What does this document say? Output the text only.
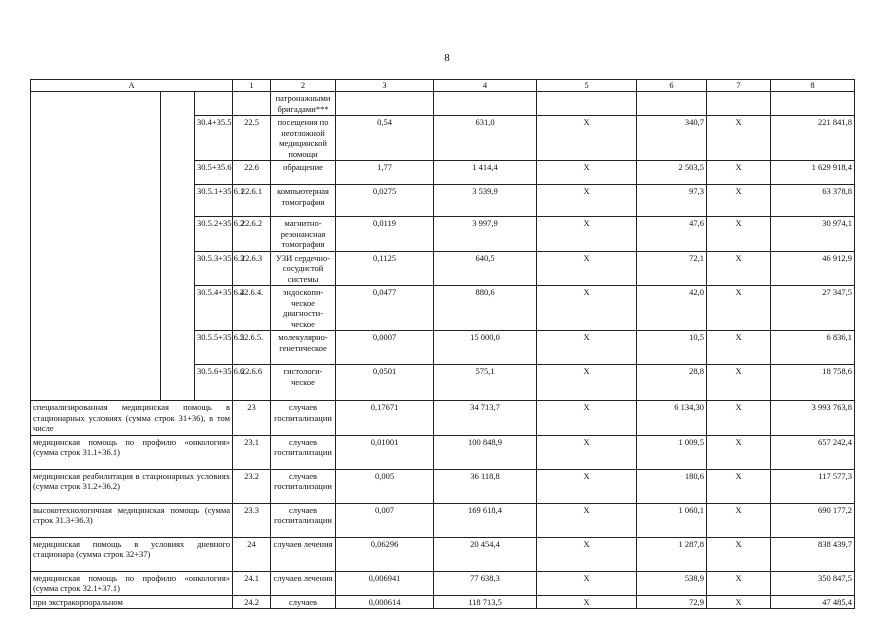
8
А			1	2	3	4	5	6	7	8	
				патронажными бригадами***							
		30.4+35.5	22.5	посещения по неотложной медицинской помощи	0,54	631,0	X	340,7	X	221 841,8	
		30.5+35.6	22.6	обращение	1,77	1 414,4	X	2 503,5	X	1 629 918,4	
		30.5.1+35.6.1	22.6.1	компьютерная томография	0,0275	3 539,9	X	97,3	X	63 378,8	
		30.5.2+35.6.2	22.6.2	магнитно-резонансная томография	0,0119	3 997,9	X	47,6	X	30 974,1	
		30.5.3+35.6.3	22.6.3	УЗИ сердечно-сосудистой системы	0,1125	640,5	X	72,1	X	46 912,9	
		30.5.4+35.6.4	22.6.4.	эндоскопи-ческое диагности-ческое	0,0477	880,6	X	42,0	X	27 347,5	
		30.5.5+35.6.5	22.6.5.	молекулярно-генетическое	0,0007	15 000,0	X	10,5	X	6 836,1	
		30.5.6+35.6.6	22.6.6	гистологи-ческое	0,0501	575,1	X	28,8	X	18 758,6	
специализированная медицинская помощь в стационарных условиях (сумма строк 31+36), в том числе			23	случаев госпитализации	0,17671	34 713,7	X	6 134,30	X	3 993 763,8	
медицинская помощь по профилю «онкология» (сумма строк 31.1+36.1)			23.1	случаев госпитализации	0,01001	100 848,9	X	1 009,5	X	657 242,4	
медицинская реабилитация в стационарных условиях (сумма строк 31.2+36.2)			23.2	случаев госпитализации	0,005	36 118,8	X	180,6	X	117 577,3	
высокотехнологичная медицинская помощь (сумма строк 31.3+36.3)			23.3	случаев госпитализации	0,007	169 618,4	X	1 060,1	X	690 177,2	
медицинская помощь в условиях дневного стационара (сумма строк 32+37)			24	случаев лечения	0,06296	20 454,4	X	1 287,8	X	838 439,7	
медицинская помощь по профилю «онкология» (сумма строк 32.1+37.1)			24.1	случаев лечения	0,006941	77 638,3	X	538,9	X	350 847,5	
при экстракорпоральном			24.2	случаев	0,000614	118 713,5	X	72,9	X	47 485,4	
